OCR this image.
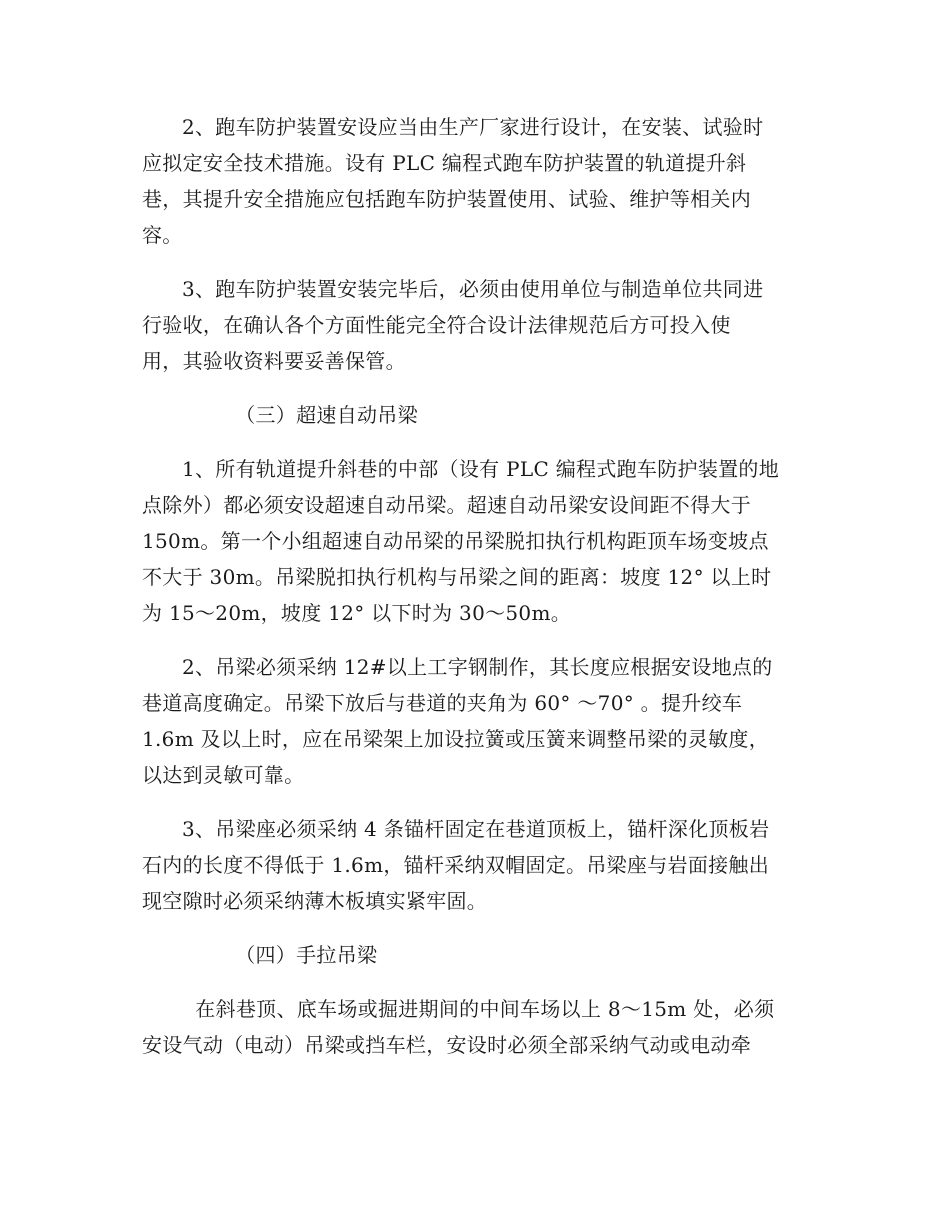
2、跑车防护装置安设应当由生产厂家进行设计，在安装、试验时
应拟定安全技术措施。设有 PLC 编程式跑车防护装置的轨道提升斜
巷，其提升安全措施应包括跑车防护装置使用、试验、维护等相关内
容。
3、跑车防护装置安装完毕后，必须由使用单位与制造单位共同进
行验收，在确认各个方面性能完全符合设计法律规范后方可投入使
用，其验收资料要妥善保管。
（三）超速自动吊梁
1、所有轨道提升斜巷的中部（设有 PLC 编程式跑车防护装置的地
点除外）都必须安设超速自动吊梁。超速自动吊梁安设间距不得大于
150m。第一个小组超速自动吊梁的吊梁脱扣执行机构距顶车场变坡点
不大于 30m。吊梁脱扣执行机构与吊梁之间的距离：坡度 12° 以上时
为 15～20m，坡度 12° 以下时为 30～50m。
2、吊梁必须采纳 12#以上工字钢制作，其长度应根据安设地点的
巷道高度确定。吊梁下放后与巷道的夹角为 60° ～70° 。提升绞车
1.6m 及以上时，应在吊梁架上加设拉簧或压簧来调整吊梁的灵敏度，
以达到灵敏可靠。
3、吊梁座必须采纳 4 条锚杆固定在巷道顶板上，锚杆深化顶板岩
石内的长度不得低于 1.6m，锚杆采纳双帽固定。吊梁座与岩面接触出
现空隙时必须采纳薄木板填实紧牢固。
（四）手拉吊梁
在斜巷顶、底车场或掘进期间的中间车场以上 8～15m 处，必须
安设气动（电动）吊梁或挡车栏，安设时必须全部采纳气动或电动牵
